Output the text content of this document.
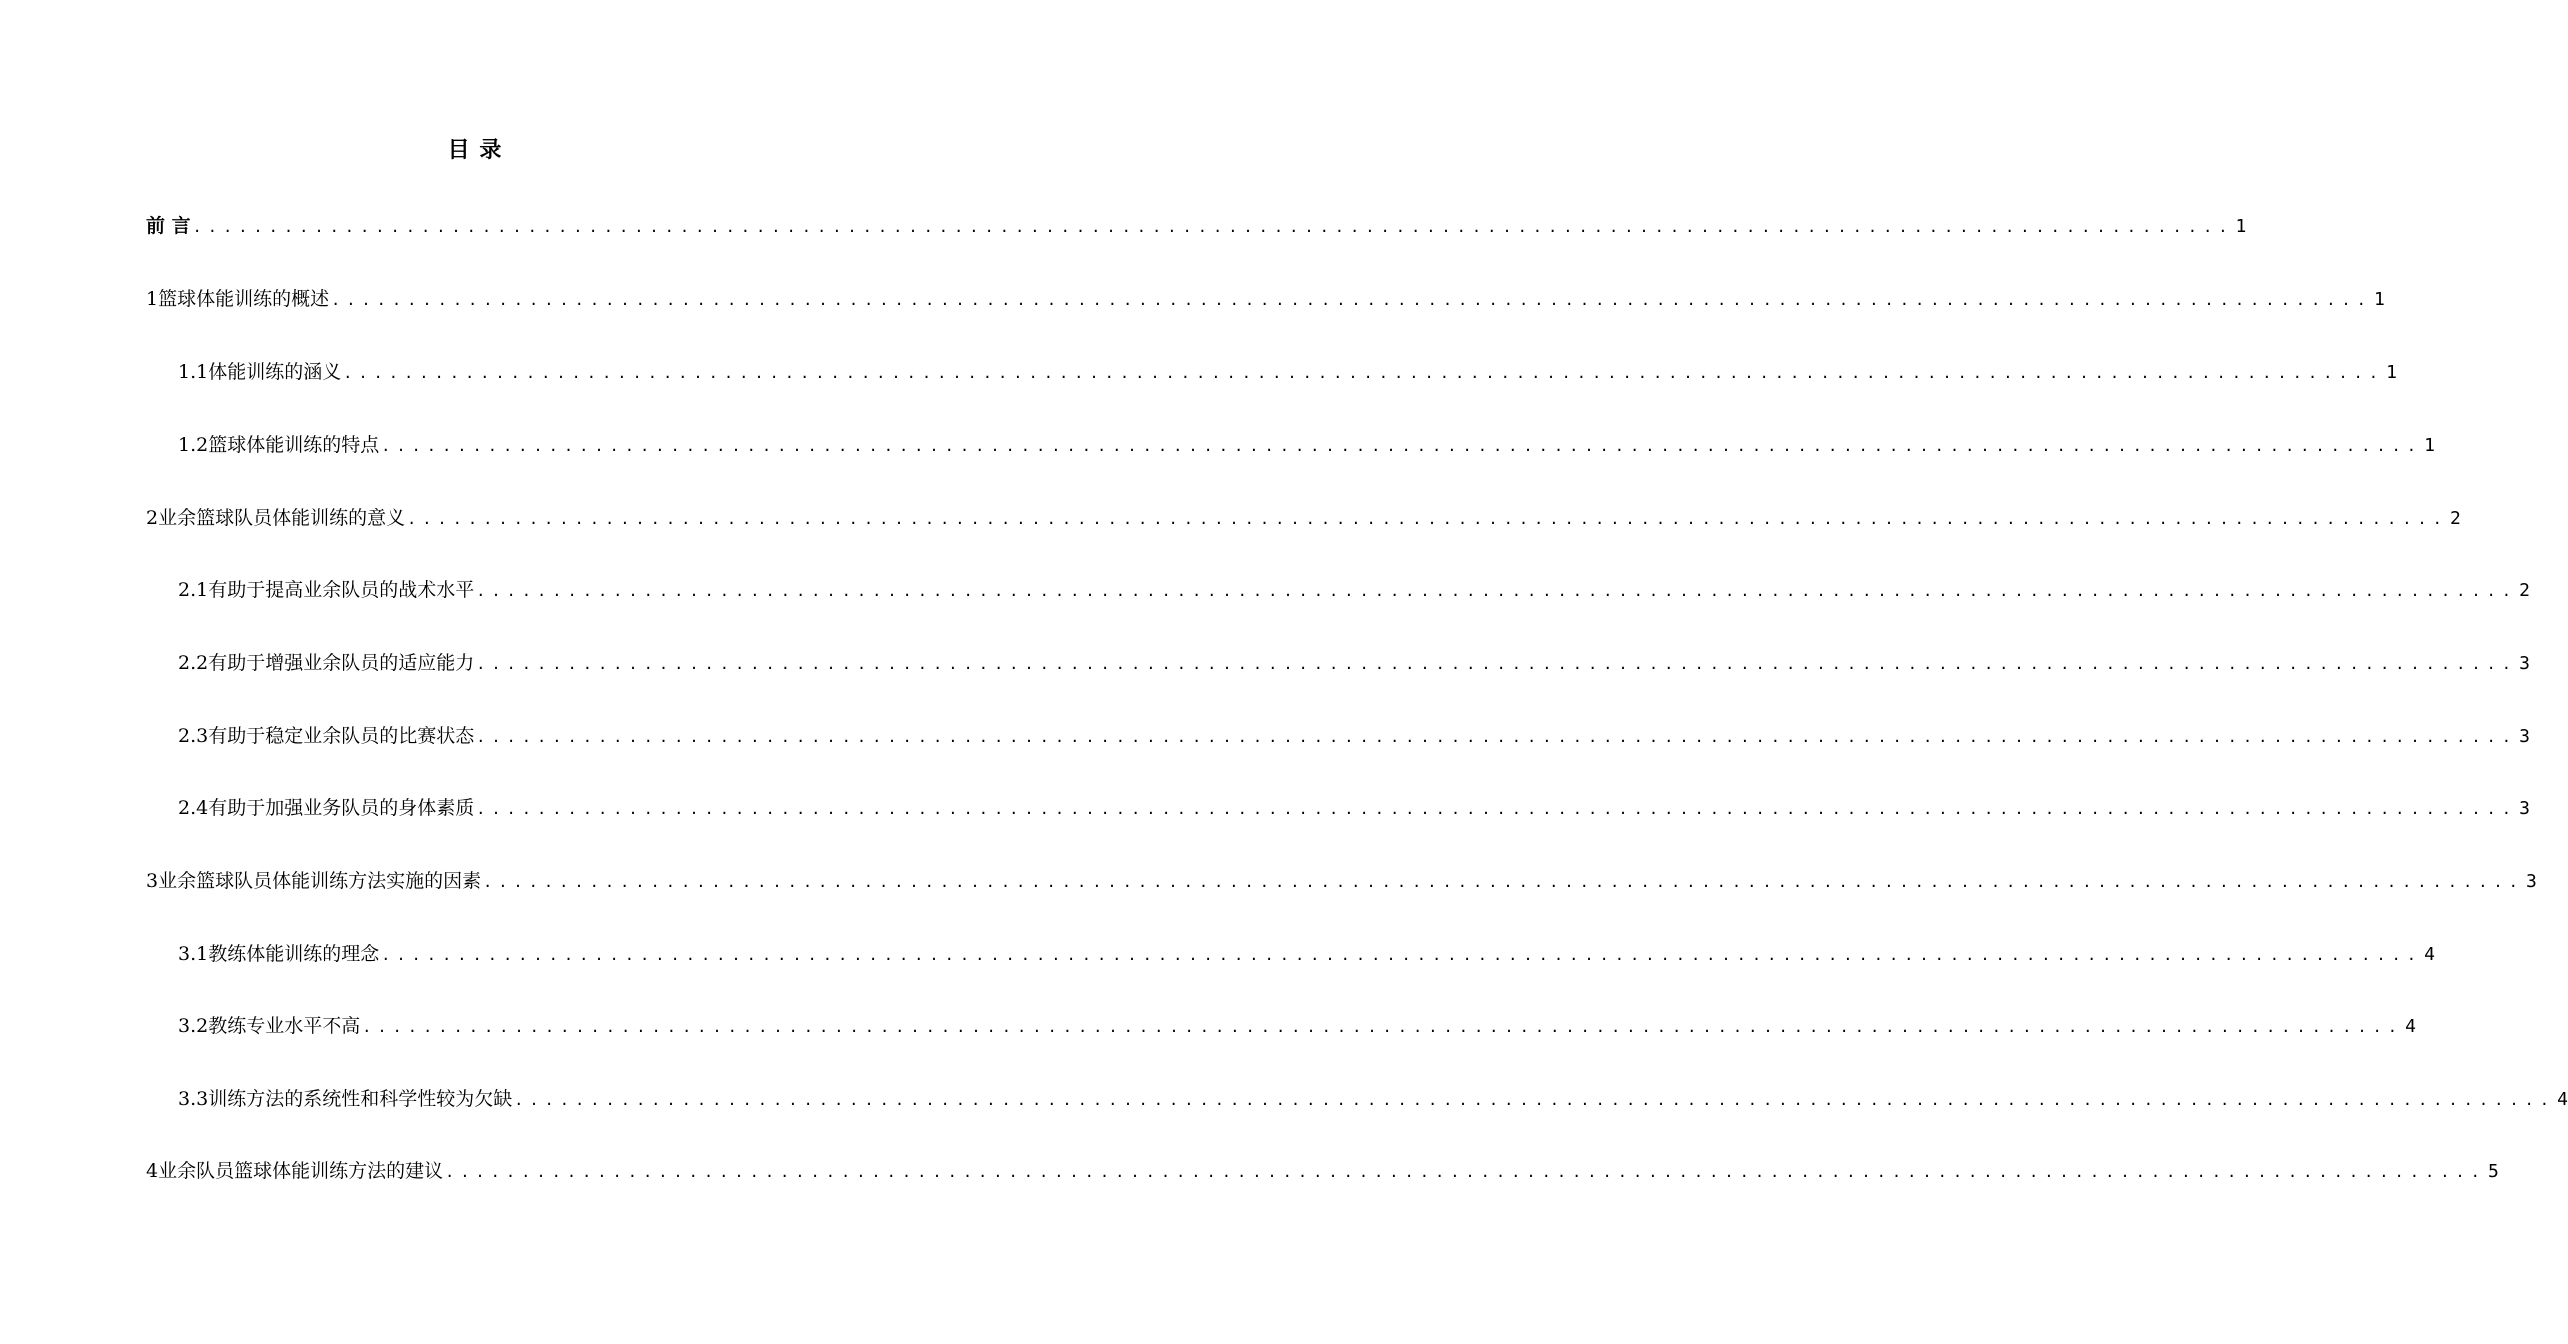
目 录
前 言 ...................................................................................................................................... 1
1篮球体能训练的概述 ...................................................................................................................................... 1
1.1体能训练的涵义 ...................................................................................................................................... 1
1.2篮球体能训练的特点 ...................................................................................................................................... 1
2业余篮球队员体能训练的意义 ...................................................................................................................................... 2
2.1有助于提高业余队员的战术水平 ...................................................................................................................................... 2
2.2有助于增强业余队员的适应能力 ...................................................................................................................................... 3
2.3有助于稳定业余队员的比赛状态 ...................................................................................................................................... 3
2.4有助于加强业务队员的身体素质 ...................................................................................................................................... 3
3业余篮球队员体能训练方法实施的因素 ...................................................................................................................................... 3
3.1教练体能训练的理念 ...................................................................................................................................... 4
3.2教练专业水平不高 ...................................................................................................................................... 4
3.3训练方法的系统性和科学性较为欠缺 ...................................................................................................................................... 4
4业余队员篮球体能训练方法的建议 ...................................................................................................................................... 5
